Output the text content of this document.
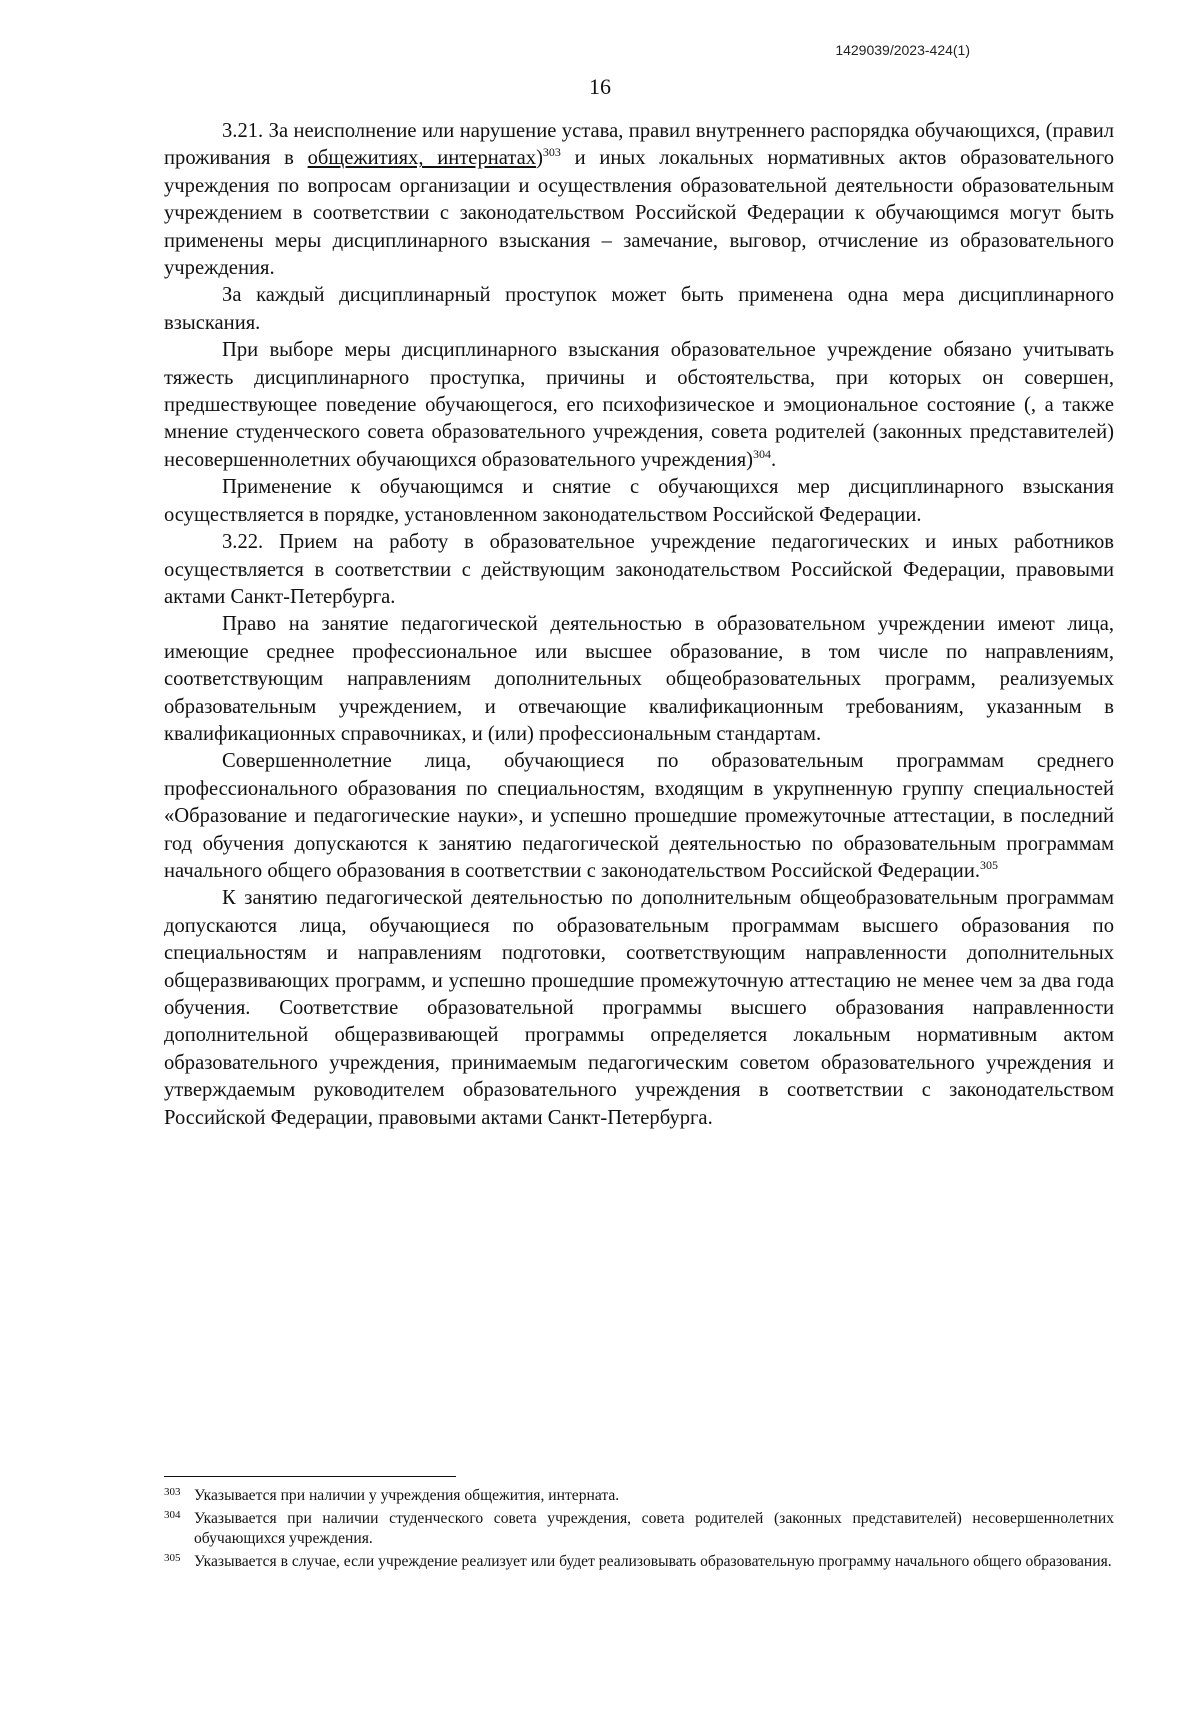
1429039/2023-424(1)
16

3.21. За неисполнение или нарушение устава, правил внутреннего распорядка обучающихся, (правил проживания в общежитиях, интернатах)$^{303}$ и иных локальных нормативных актов образовательного учреждения по вопросам организации и осуществления образовательной деятельности образовательным учреждением в соответствии с законодательством Российской Федерации к обучающимся могут быть применены меры дисциплинарного взыскания – замечание, выговор, отчисление из образовательного учреждения.

За каждый дисциплинарный проступок может быть применена одна мера дисциплинарного взыскания.

При выборе меры дисциплинарного взыскания образовательное учреждение обязано учитывать тяжесть дисциплинарного проступка, причины и обстоятельства, при которых он совершен, предшествующее поведение обучающегося, его психофизическое и эмоциональное состояние (, а также мнение студенческого совета образовательного учреждения, совета родителей (законных представителей) несовершеннолетних обучающихся образовательного учреждения)$^{304}$.

Применение к обучающимся и снятие с обучающихся мер дисциплинарного взыскания осуществляется в порядке, установленном законодательством Российской Федерации.

3.22. Прием на работу в образовательное учреждение педагогических и иных работников осуществляется в соответствии с действующим законодательством Российской Федерации, правовыми актами Санкт-Петербурга.

Право на занятие педагогической деятельностью в образовательном учреждении имеют лица, имеющие среднее профессиональное или высшее образование, в том числе по направлениям, соответствующим направлениям дополнительных общеобразовательных программ, реализуемых образовательным учреждением, и отвечающие квалификационным требованиям, указанным в квалификационных справочниках, и (или) профессиональным стандартам.

Совершеннолетние лица, обучающиеся по образовательным программам среднего профессионального образования по специальностям, входящим в укрупненную группу специальностей «Образование и педагогические науки», и успешно прошедшие промежуточные аттестации, в последний год обучения допускаются к занятию педагогической деятельностью по образовательным программам начального общего образования в соответствии с законодательством Российской Федерации.$^{305}$

К занятию педагогической деятельностью по дополнительным общеобразовательным программам допускаются лица, обучающиеся по образовательным программам высшего образования по специальностям и направлениям подготовки, соответствующим направленности дополнительных общеразвивающих программ, и успешно прошедшие промежуточную аттестацию не менее чем за два года обучения. Соответствие образовательной программы высшего образования направленности дополнительной общеразвивающей программы определяется локальным нормативным актом образовательного учреждения, принимаемым педагогическим советом образовательного учреждения и утверждаемым руководителем образовательного учреждения в соответствии с законодательством Российской Федерации, правовыми актами Санкт-Петербурга.

303 Указывается при наличии у учреждения общежития, интерната.
304 Указывается при наличии студенческого совета учреждения, совета родителей (законных представителей) несовершеннолетних обучающихся учреждения.
305 Указывается в случае, если учреждение реализует или будет реализовывать образовательную программу начального общего образования.
